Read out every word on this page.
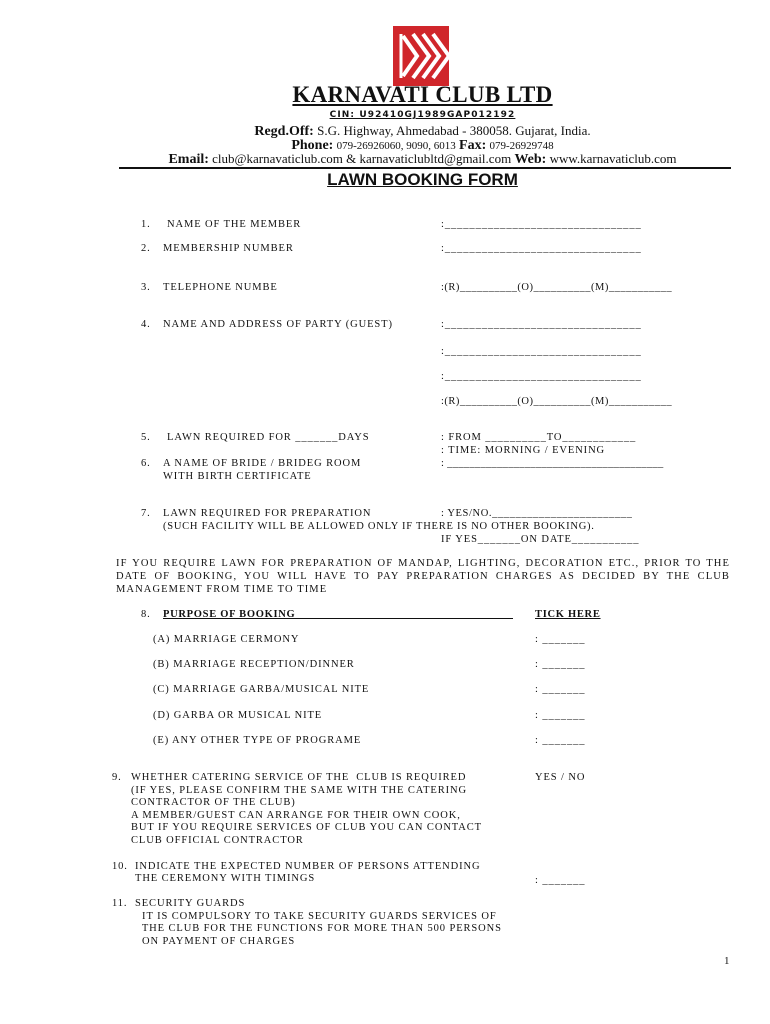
KARNAVATI CLUB LTD
CIN: U92410GJ1989GAP012192
Regd.Off: S.G. Highway, Ahmedabad - 380058. Gujarat, India.
Phone: 079-26926060, 9090, 6013 Fax: 079-26929748
Email: club@karnavaticlub.com & karnavaticlubltd@gmail.com Web: www.karnavaticlub.com
LAWN BOOKING FORM
1. NAME OF THE MEMBER	:________________________________
2. MEMBERSHIP NUMBER	:________________________________
3. TELEPHONE NUMBE	:(R)__________(O)__________(M)___________
4. NAME AND ADDRESS OF PARTY (GUEST)	:________________________________
:________________________________
:________________________________
:(R)__________(O)__________(M)___________
5. LAWN REQUIRED FOR _______DAYS	: FROM __________TO____________
: TIME: MORNING / EVENING
6. A NAME OF BRIDE / BRIDEG ROOM
WITH BIRTH CERTIFICATE
: _______________________________________
7. LAWN REQUIRED FOR PREPARATION	: YES/NO.________________________
(SUCH FACILITY WILL BE ALLOWED ONLY IF THERE IS NO OTHER BOOKING).
IF YES_______ON DATE___________
IF YOU REQUIRE LAWN FOR PREPARATION OF MANDAP, LIGHTING, DECORATION ETC., PRIOR TO THE DATE OF BOOKING, YOU WILL HAVE TO PAY PREPARATION CHARGES AS DECIDED BY THE CLUB MANAGEMENT FROM TIME TO TIME
8. PURPOSE OF BOOKING	TICK HERE
(A) MARRIAGE CERMONY	: _______
(B) MARRIAGE RECEPTION/DINNER	: _______
(C) MARRIAGE GARBA/MUSICAL NITE	: _______
(D) GARBA OR MUSICAL NITE	: _______
(E) ANY OTHER TYPE OF PROGRAME	: _______
9. WHETHER CATERING SERVICE OF THE  CLUB IS REQUIRED
(IF YES, PLEASE CONFIRM THE SAME WITH THE CATERING
CONTRACTOR OF THE CLUB)
A MEMBER/GUEST CAN ARRANGE FOR THEIR OWN COOK,
BUT IF YOU REQUIRE SERVICES OF CLUB YOU CAN CONTACT
CLUB OFFICIAL CONTRACTOR
YES / NO
10. INDICATE THE EXPECTED NUMBER OF PERSONS ATTENDING
THE CEREMONY WITH TIMINGS	: _______
11. SECURITY GUARDS
IT IS COMPULSORY TO TAKE SECURITY GUARDS SERVICES OF
THE CLUB FOR THE FUNCTIONS FOR MORE THAN 500 PERSONS
ON PAYMENT OF CHARGES
1
